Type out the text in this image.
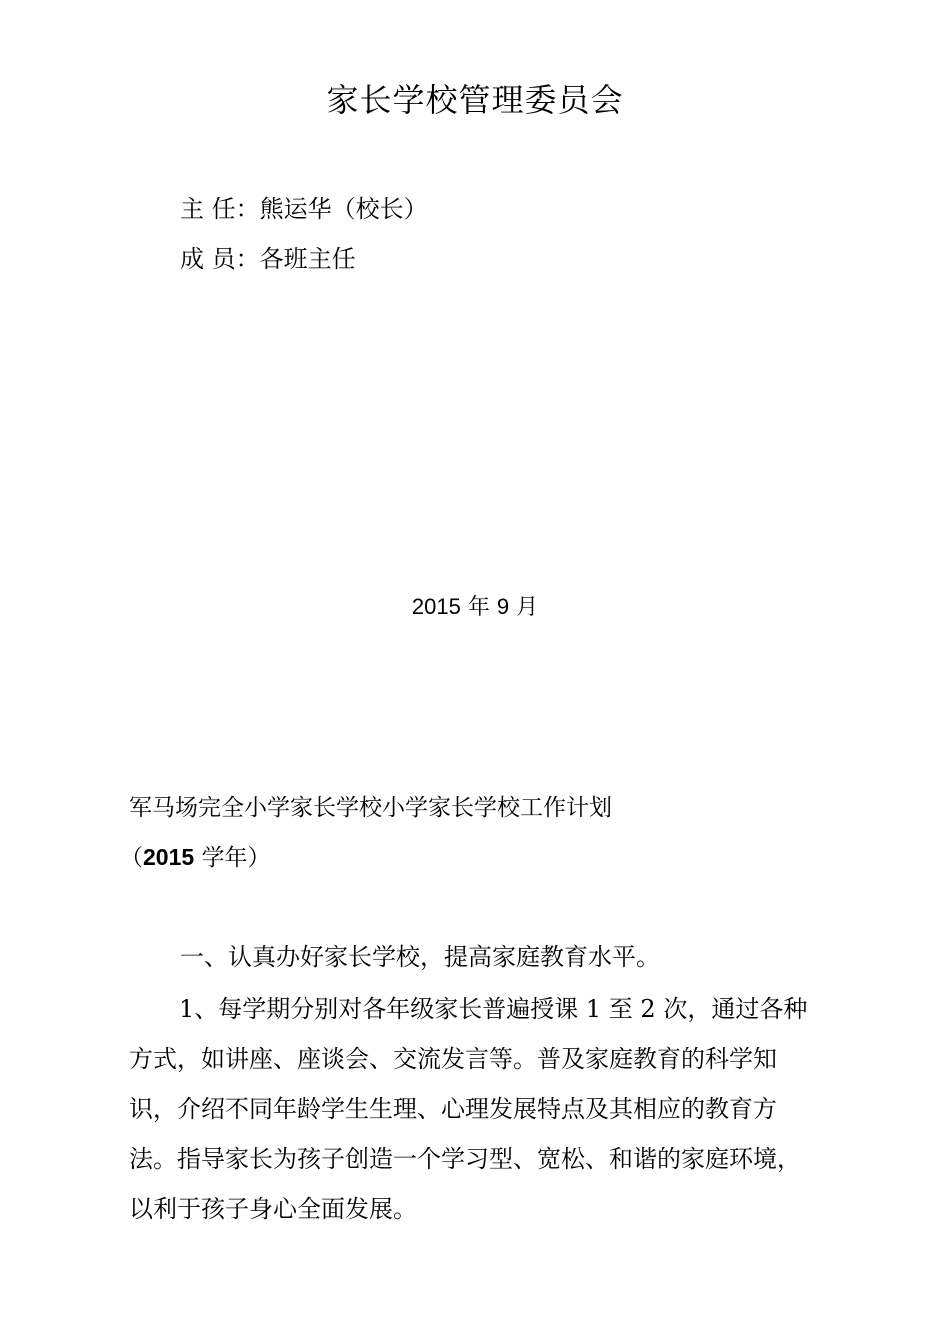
家长学校管理委员会
主 任：熊运华（校长）
成 员：各班主任
2015 年 9 月
军马场完全小学家长学校小学家长学校工作计划
（2015 学年）
一、认真办好家长学校，提高家庭教育水平。
1、每学期分别对各年级家长普遍授课 1 至 2 次，通过各种
方式，如讲座、座谈会、交流发言等。普及家庭教育的科学知
识，介绍不同年龄学生生理、心理发展特点及其相应的教育方
法。指导家长为孩子创造一个学习型、宽松、和谐的家庭环境，
以利于孩子身心全面发展。
